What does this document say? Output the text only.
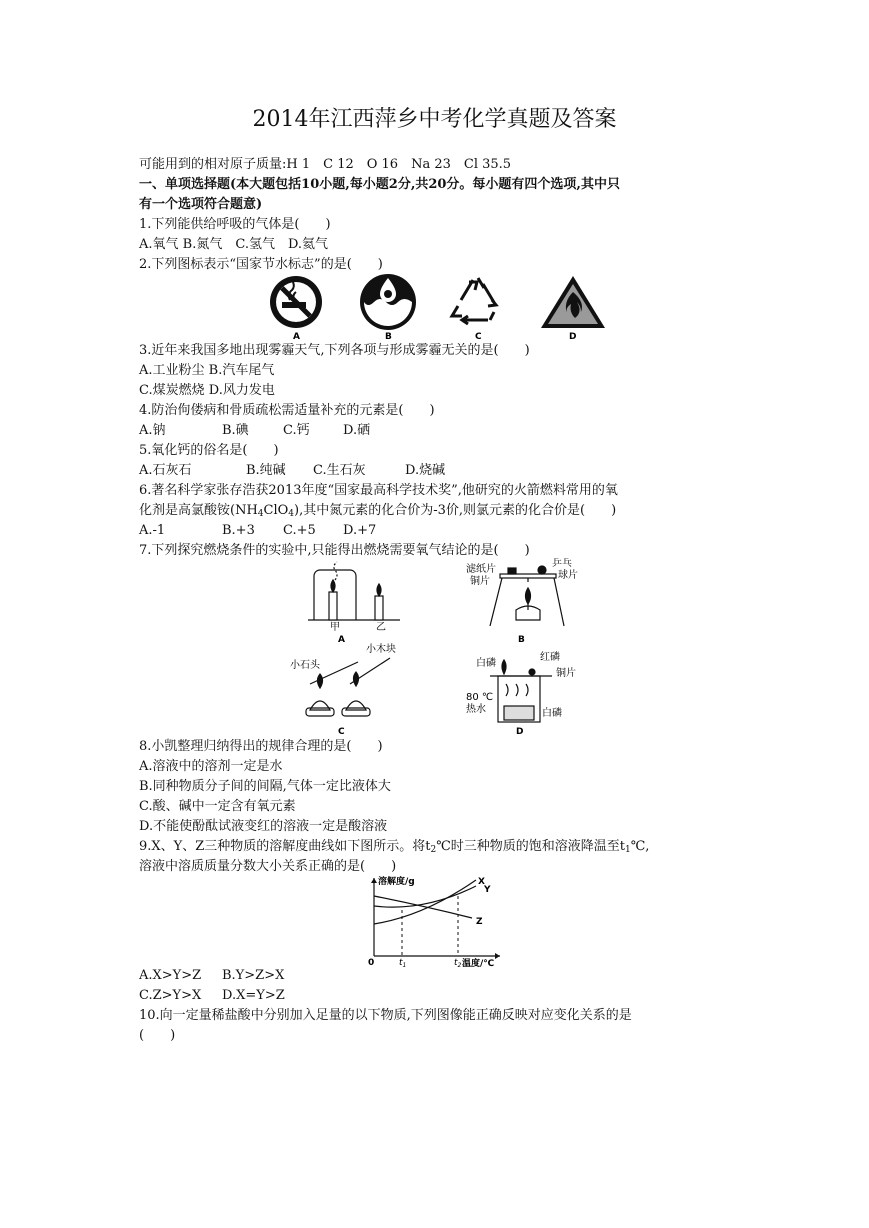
2014年江西萍乡中考化学真题及答案
可能用到的相对原子质量:H 1　C 12　O 16　Na 23　Cl 35.5
一、单项选择题(本大题包括10小题,每小题2分,共20分。每小题有四个选项,其中只
有一个选项符合题意)
1.下列能供给呼吸的气体是(　　)
A.氧气 B.氮气　C.氢气　D.氦气
2.下列图标表示“国家节水标志”的是(　　)
A	B	C	D
3.近年来我国多地出现雾霾天气,下列各项与形成雾霾无关的是(　　)
A.工业粉尘 B.汽车尾气
C.煤炭燃烧 D.风力发电
4.防治佝偻病和骨质疏松需适量补充的元素是(　　)
A.钠	B.碘	C.钙	D.硒
5.氧化钙的俗名是(　　)
A.石灰石	B.纯碱 C.生石灰	D.烧碱
6.著名科学家张存浩获2013年度“国家最高科学技术奖”,他研究的火箭燃料常用的氧
化剂是高氯酸铵$(NH_4ClO_4)$,其中氮元素的化合价为-3价,则氯元素的化合价是(　　)
A.-1	B.+3 C.+5 D.+7
7.下列探究燃烧条件的实验中,只能得出燃烧需要氧气结论的是(　　)
甲	乙
A
滤纸片
铜片
乒乓
球片
B
小石头
小木块
C
白磷
红磷
铜片
80 ℃
热水	白磷
D
8.小凯整理归纳得出的规律合理的是(　　)
A.溶液中的溶剂一定是水
B.同种物质分子间的间隔,气体一定比液体大
C.酸、碱中一定含有氧元素
D.不能使酚酞试液变红的溶液一定是酸溶液
9.X、Y、Z三种物质的溶解度曲线如下图所示。将$t_2℃$时三种物质的饱和溶液降温至$t_1℃$,
溶液中溶质质量分数大小关系正确的是(　　)
溶解度/g
温度/℃
0	$t_1$	$t_2$
X
Y
Z
A.X>Y>Z B.Y>Z>X
C.Z>Y>X D.X=Y>Z
10.向一定量稀盐酸中分别加入足量的以下物质,下列图像能正确反映对应变化关系的是
(　　)
